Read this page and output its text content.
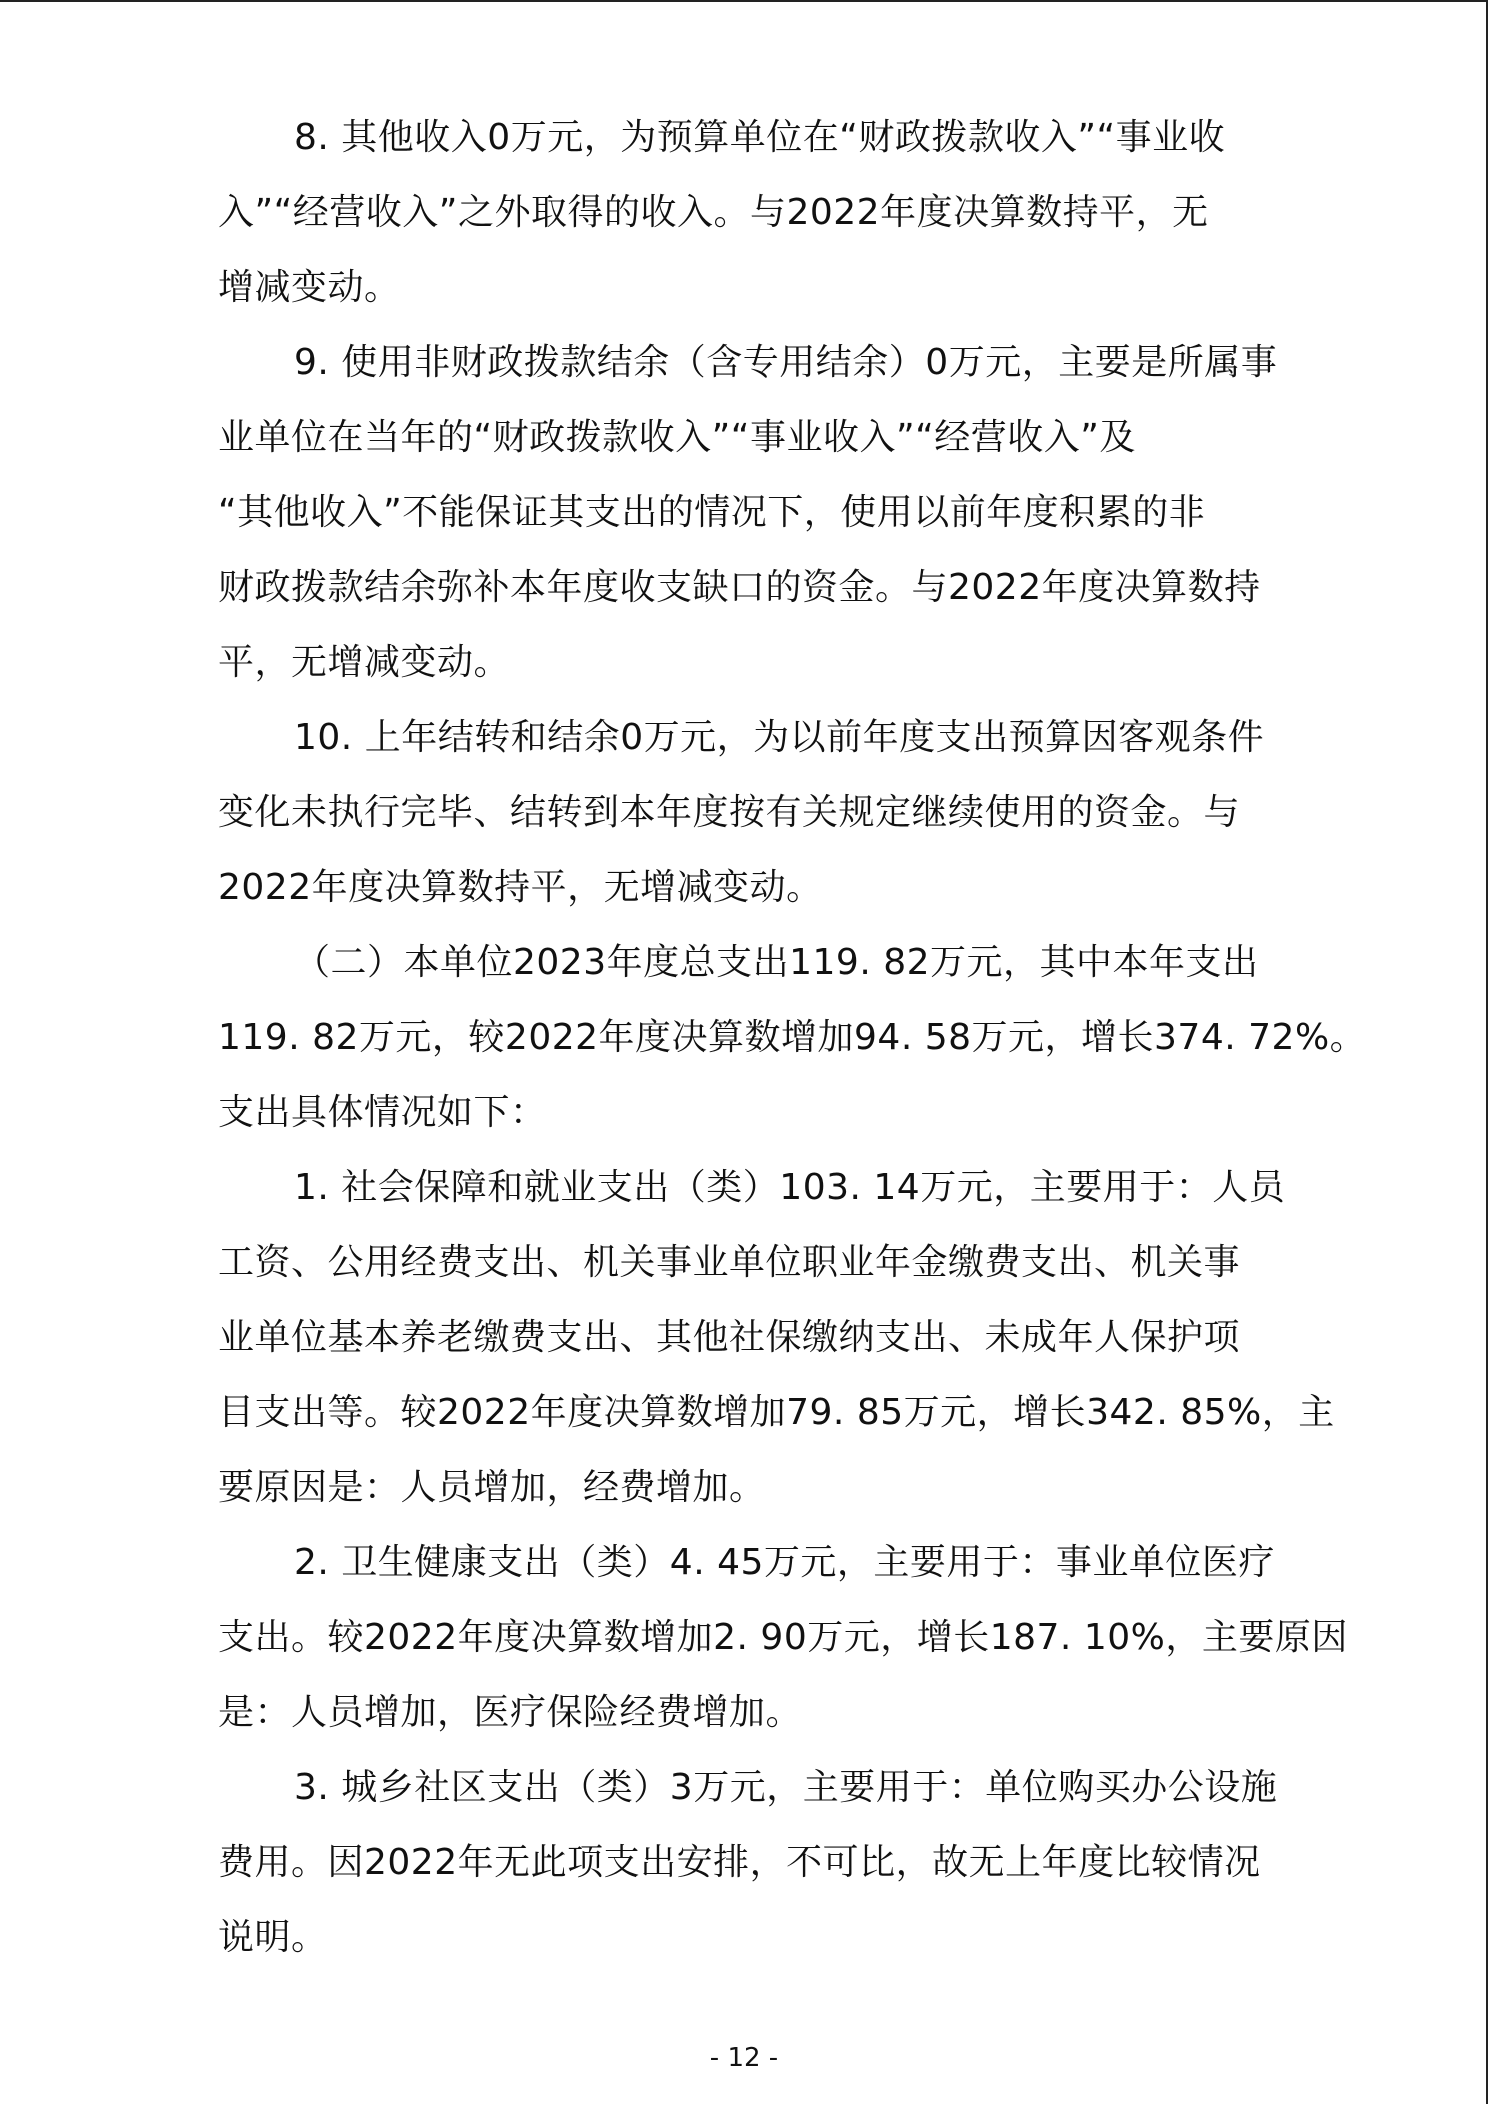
8. 其他收入0万元，为预算单位在“财政拨款收入”“事业收
入”“经营收入”之外取得的收入。与2022年度决算数持平，无
增减变动。
9. 使用非财政拨款结余（含专用结余）0万元，主要是所属事
业单位在当年的“财政拨款收入”“事业收入”“经营收入”及
“其他收入”不能保证其支出的情况下，使用以前年度积累的非
财政拨款结余弥补本年度收支缺口的资金。与2022年度决算数持
平，无增减变动。
10. 上年结转和结余0万元，为以前年度支出预算因客观条件
变化未执行完毕、结转到本年度按有关规定继续使用的资金。与
2022年度决算数持平，无增减变动。
（二）本单位2023年度总支出119. 82万元，其中本年支出
119. 82万元，较2022年度决算数增加94. 58万元，增长374. 72%。
支出具体情况如下：
1. 社会保障和就业支出（类）103. 14万元，主要用于：人员
工资、公用经费支出、机关事业单位职业年金缴费支出、机关事
业单位基本养老缴费支出、其他社保缴纳支出、未成年人保护项
目支出等。较2022年度决算数增加79. 85万元，增长342. 85%，主
要原因是：人员增加，经费增加。
2. 卫生健康支出（类）4. 45万元，主要用于：事业单位医疗
支出。较2022年度决算数增加2. 90万元，增长187. 10%，主要原因
是：人员增加，医疗保险经费增加。
3. 城乡社区支出（类）3万元，主要用于：单位购买办公设施
费用。因2022年无此项支出安排，不可比，故无上年度比较情况
说明。
- 12 -
